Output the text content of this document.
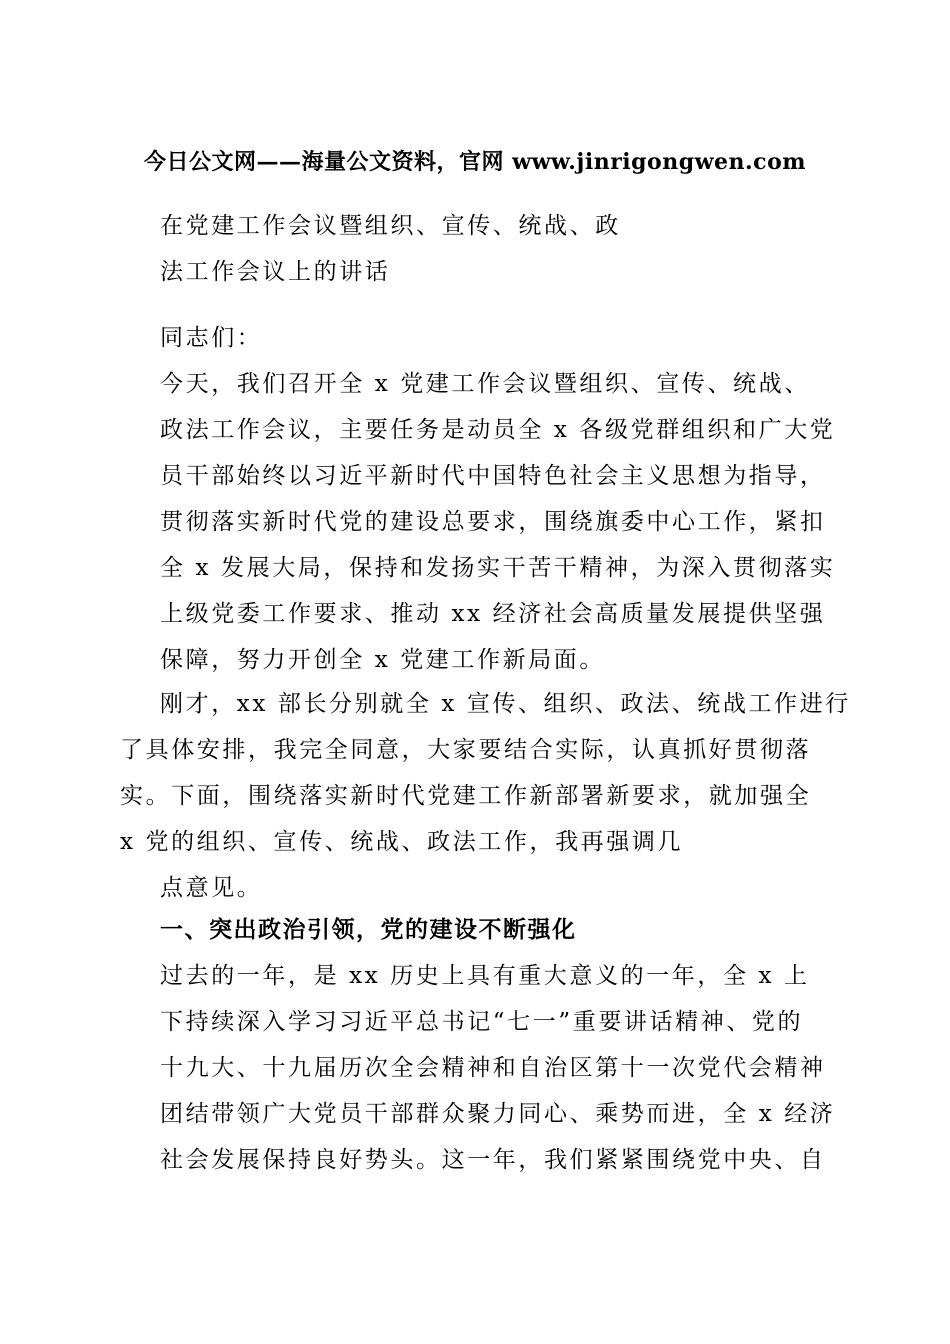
今日公文网——海量公文资料，官网 www.jinrigongwen.com
在党建工作会议暨组织、宣传、统战、政
法工作会议上的讲话
同志们：
今天，我们召开全 x 党建工作会议暨组织、宣传、统战、
政法工作会议，主要任务是动员全 x 各级党群组织和广大党
员干部始终以习近平新时代中国特色社会主义思想为指导，
贯彻落实新时代党的建设总要求，围绕旗委中心工作，紧扣
全 x 发展大局，保持和发扬实干苦干精神，为深入贯彻落实
上级党委工作要求、推动 xx 经济社会高质量发展提供坚强
保障，努力开创全 x 党建工作新局面。
刚才，xx 部长分别就全 x 宣传、组织、政法、统战工作进行
了具体安排，我完全同意，大家要结合实际，认真抓好贯彻落
实。下面，围绕落实新时代党建工作新部署新要求，就加强全
x 党的组织、宣传、统战、政法工作，我再强调几
点意见。
一、突出政治引领，党的建设不断强化
过去的一年，是 xx 历史上具有重大意义的一年，全 x 上
下持续深入学习习近平总书记“七一”重要讲话精神、党的
十九大、十九届历次全会精神和自治区第十一次党代会精神
团结带领广大党员干部群众聚力同心、乘势而进，全 x 经济
社会发展保持良好势头。这一年，我们紧紧围绕党中央、自
